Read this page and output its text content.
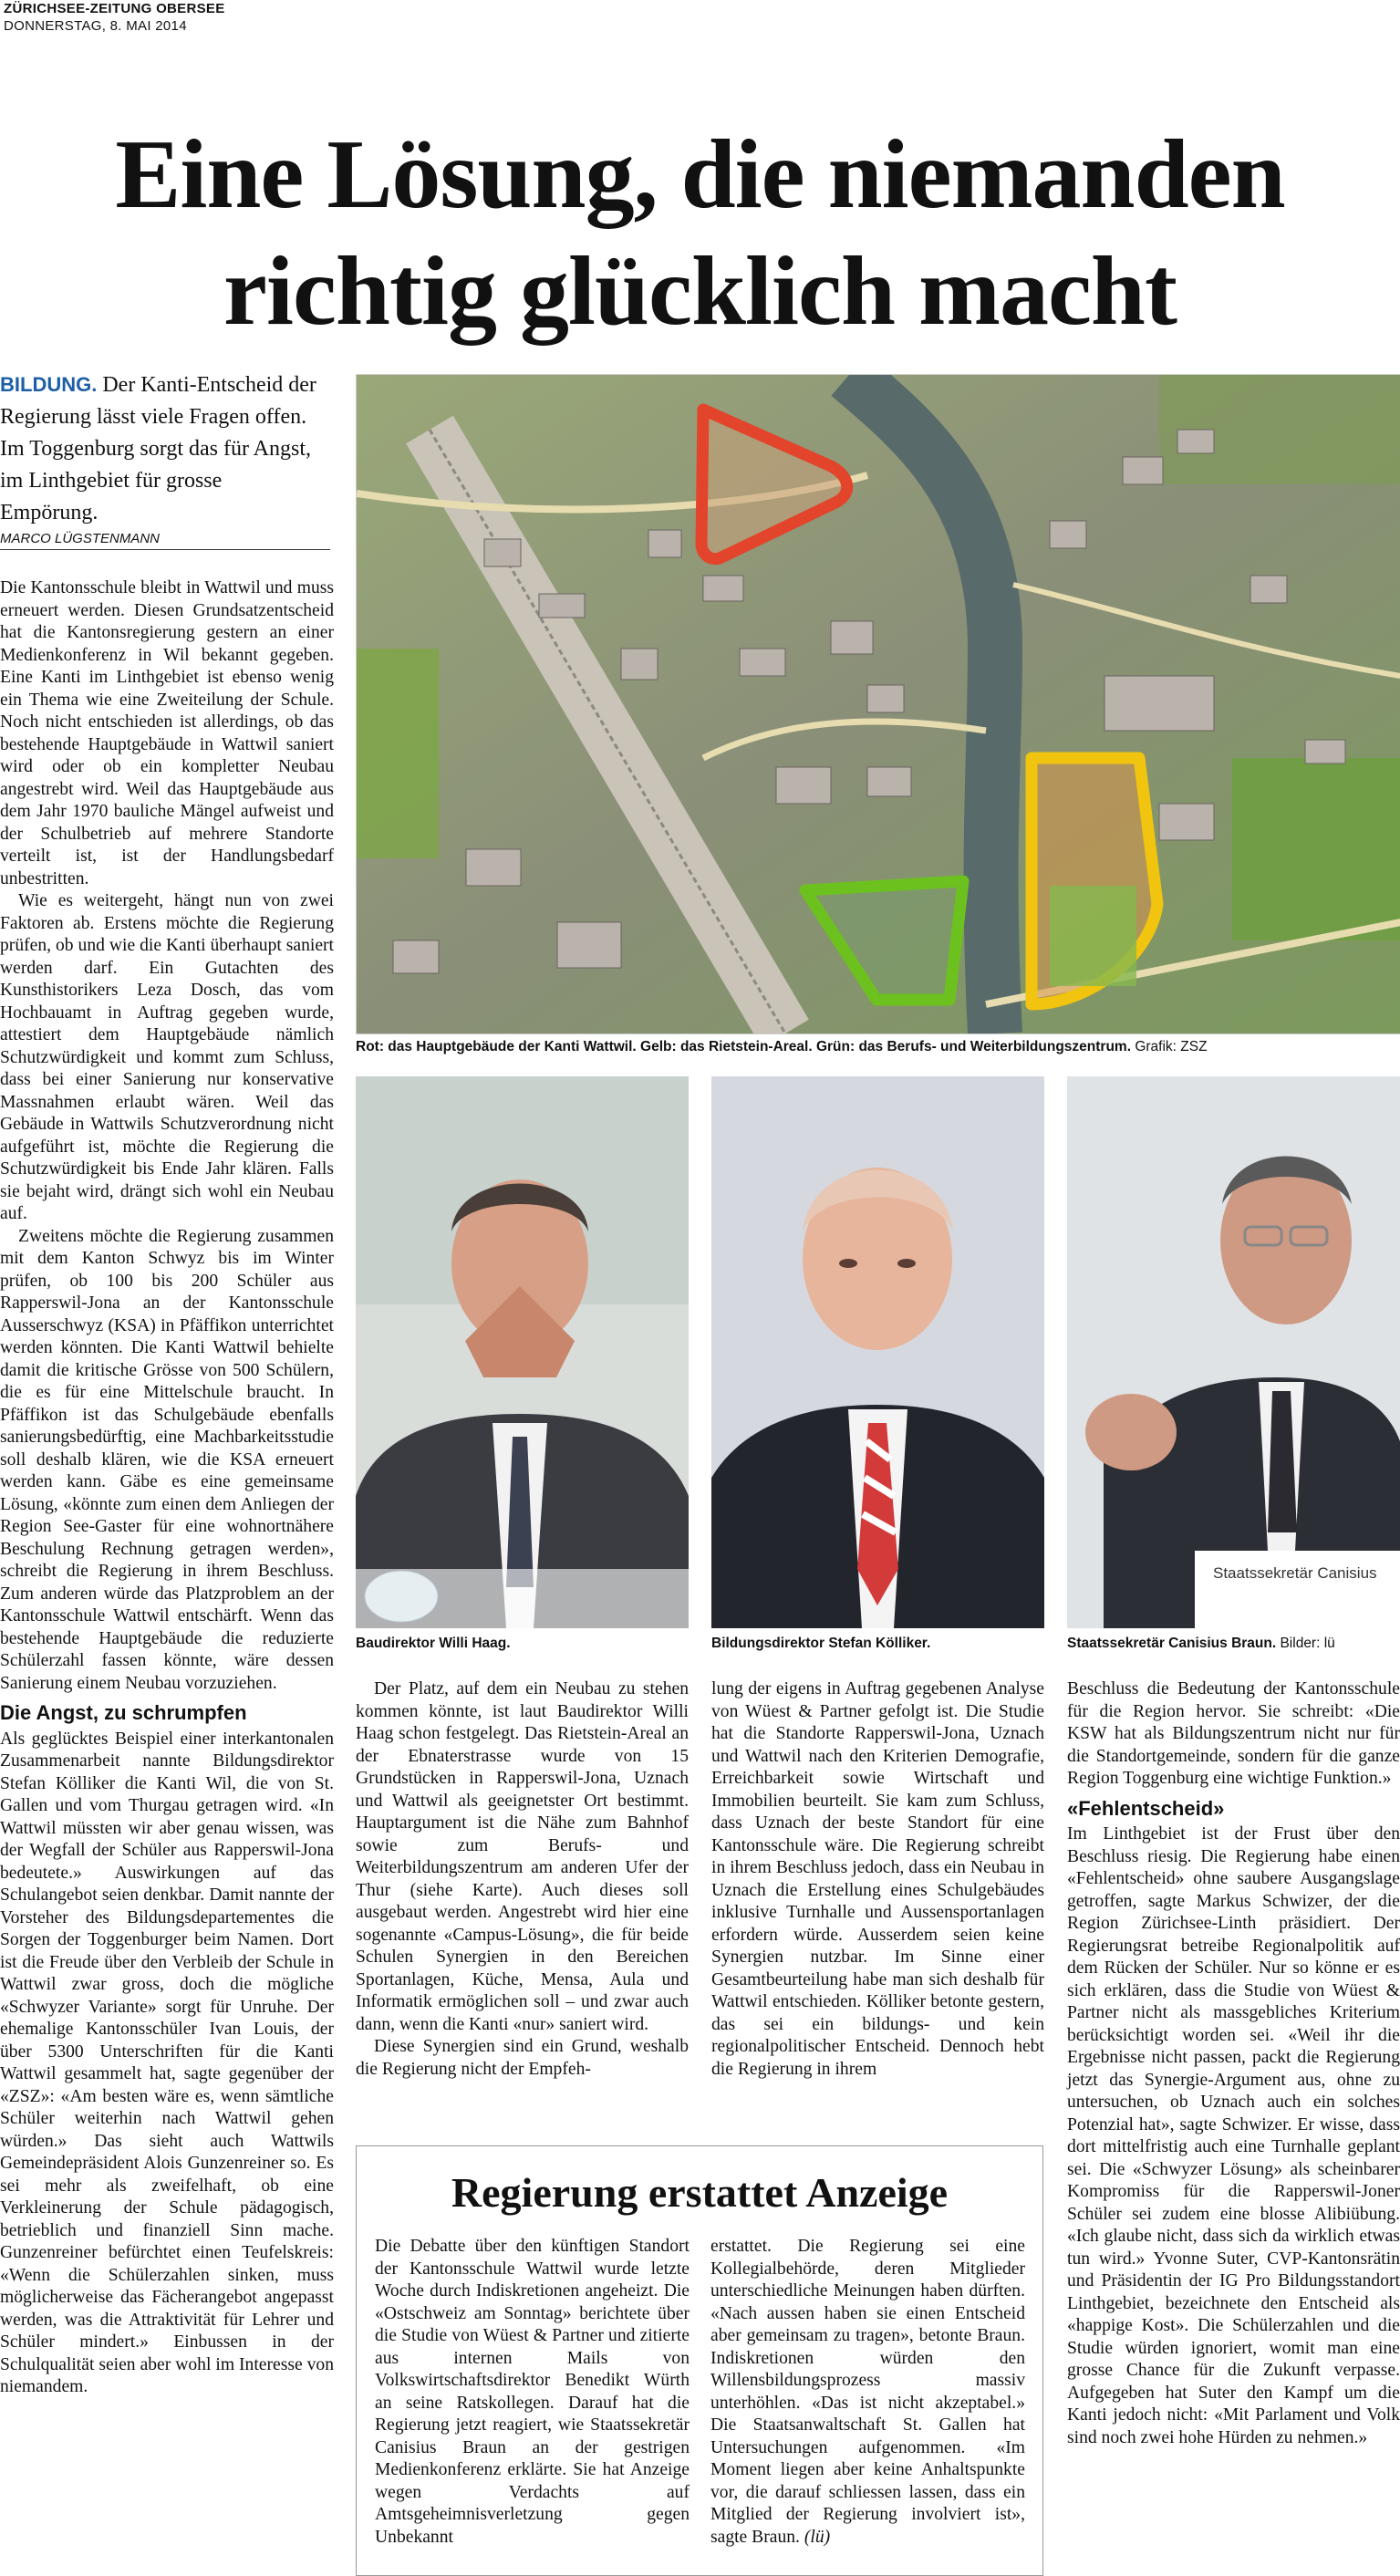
ZÜRICHSEE-ZEITUNG OBERSEE
DONNERSTAG, 8. MAI 2014
Eine Lösung, die niemanden
richtig glücklich macht
BILDUNG. Der Kanti-Entscheid der Regierung lässt viele Fragen offen. Im Toggenburg sorgt das für Angst, im Linthgebiet für grosse Empörung.
MARCO LÜGSTENMANN

Die Kantonsschule bleibt in Wattwil und muss erneuert werden. Diesen Grundsatzentscheid hat die Kantonsregierung gestern an einer Medienkonferenz in Wil bekannt gegeben. Eine Kanti im Linthgebiet ist ebenso wenig ein Thema wie eine Zweiteilung der Schule. Noch nicht entschieden ist allerdings, ob das bestehende Hauptgebäude in Wattwil saniert wird oder ob ein kompletter Neubau angestrebt wird. Weil das Hauptgebäude aus dem Jahr 1970 bauliche Mängel aufweist und der Schulbetrieb auf mehrere Standorte verteilt ist, ist der Handlungsbedarf unbestritten.

Wie es weitergeht, hängt nun von zwei Faktoren ab. Erstens möchte die Regierung prüfen, ob und wie die Kanti überhaupt saniert werden darf. Ein Gutachten des Kunsthistorikers Leza Dosch, das vom Hochbauamt in Auftrag gegeben wurde, attestiert dem Hauptgebäude nämlich Schutzwürdigkeit und kommt zum Schluss, dass bei einer Sanierung nur konservative Massnahmen erlaubt wären. Weil das Gebäude in Wattwils Schutzverordnung nicht aufgeführt ist, möchte die Regierung die Schutzwürdigkeit bis Ende Jahr klären. Falls sie bejaht wird, drängt sich wohl ein Neubau auf.

Zweitens möchte die Regierung zusammen mit dem Kanton Schwyz bis im Winter prüfen, ob 100 bis 200 Schüler aus Rapperswil-Jona an der Kantonsschule Ausserschwyz (KSA) in Pfäffikon unterrichtet werden könnten. Die Kanti Wattwil behielte damit die kritische Grösse von 500 Schülern, die es für eine Mittelschule braucht. In Pfäffikon ist das Schulgebäude ebenfalls sanierungsbedürftig, eine Machbarkeitsstudie soll deshalb klären, wie die KSA erneuert werden kann. Gäbe es eine gemeinsame Lösung, «könnte zum einen dem Anliegen der Region See-Gaster für eine wohnortnähere Beschulung Rechnung getragen werden», schreibt die Regierung in ihrem Beschluss. Zum anderen würde das Platzproblem an der Kantonsschule Wattwil entschärft. Wenn das bestehende Hauptgebäude die reduzierte Schülerzahl fassen könnte, wäre dessen Sanierung einem Neubau vorzuziehen.

Die Angst, zu schrumpfen

Als geglücktes Beispiel einer interkantonalen Zusammenarbeit nannte Bildungsdirektor Stefan Kölliker die Kanti Wil, die von St. Gallen und vom Thurgau getragen wird. «In Wattwil müssten wir aber genau wissen, was der Wegfall der Schüler aus Rapperswil-Jona bedeutete.» Auswirkungen auf das Schulangebot seien denkbar. Damit nannte der Vorsteher des Bildungsdepartementes die Sorgen der Toggenburger beim Namen. Dort ist die Freude über den Verbleib der Schule in Wattwil zwar gross, doch die mögliche «Schwyzer Variante» sorgt für Unruhe. Der ehemalige Kantonsschüler Ivan Louis, der über 5300 Unterschriften für die Kanti Wattwil gesammelt hat, sagte gegenüber der «ZSZ»: «Am besten wäre es, wenn sämtliche Schüler weiterhin nach Wattwil gehen würden.» Das sieht auch Wattwils Gemeindepräsident Alois Gunzenreiner so. Es sei mehr als zweifelhaft, ob eine Verkleinerung der Schule pädagogisch, betrieblich und finanziell Sinn mache. Gunzenreiner befürchtet einen Teufelskreis: «Wenn die Schülerzahlen sinken, muss möglicherweise das Fächerangebot angepasst werden, was die Attraktivität für Lehrer und Schüler mindert.» Einbussen in der Schulqualität seien aber wohl im Interesse von niemandem.

Rot: das Hauptgebäude der Kanti Wattwil. Gelb: das Rietstein-Areal. Grün: das Berufs- und Weiterbildungszentrum. Grafik: ZSZ
Baudirektor Willi Haag.	Bildungsdirektor Stefan Kölliker.
Staatssekretär Canisius
Staatssekretär Canisius Braun. Bilder: lü

Der Platz, auf dem ein Neubau zu stehen kommen könnte, ist laut Baudirektor Willi Haag schon festgelegt. Das Rietstein-Areal an der Ebnaterstrasse wurde von 15 Grundstücken in Rapperswil-Jona, Uznach und Wattwil als geeignetster Ort bestimmt. Hauptargument ist die Nähe zum Bahnhof sowie zum Berufs- und Weiterbildungszentrum am anderen Ufer der Thur (siehe Karte). Auch dieses soll ausgebaut werden. Angestrebt wird hier eine sogenannte «Campus-Lösung», die für beide Schulen Synergien in den Bereichen Sportanlagen, Küche, Mensa, Aula und Informatik ermöglichen soll – und zwar auch dann, wenn die Kanti «nur» saniert wird.

Diese Synergien sind ein Grund, weshalb die Regierung nicht der Empfeh-

lung der eigens in Auftrag gegebenen Analyse von Wüest & Partner gefolgt ist. Die Studie hat die Standorte Rapperswil-Jona, Uznach und Wattwil nach den Kriterien Demografie, Erreichbarkeit sowie Wirtschaft und Immobilien beurteilt. Sie kam zum Schluss, dass Uznach der beste Standort für eine Kantonsschule wäre. Die Regierung schreibt in ihrem Beschluss jedoch, dass ein Neubau in Uznach die Erstellung eines Schulgebäudes inklusive Turnhalle und Aussensportanlagen erfordern würde. Ausserdem seien keine Synergien nutzbar. Im Sinne einer Gesamtbeurteilung habe man sich deshalb für Wattwil entschieden. Kölliker betonte gestern, das sei ein bildungs- und kein regionalpolitischer Entscheid. Dennoch hebt die Regierung in ihrem

Beschluss die Bedeutung der Kantonsschule für die Region hervor. Sie schreibt: «Die KSW hat als Bildungszentrum nicht nur für die Standortgemeinde, sondern für die ganze Region Toggenburg eine wichtige Funktion.»

«Fehlentscheid»

Im Linthgebiet ist der Frust über den Beschluss riesig. Die Regierung habe einen «Fehlentscheid» ohne saubere Ausgangslage getroffen, sagte Markus Schwizer, der die Region Zürichsee-Linth präsidiert. Der Regierungsrat betreibe Regionalpolitik auf dem Rücken der Schüler. Nur so könne er es sich erklären, dass die Studie von Wüest & Partner nicht als massgebliches Kriterium berücksichtigt worden sei. «Weil ihr die Ergebnisse nicht passen, packt die Regierung jetzt das Synergie-Argument aus, ohne zu untersuchen, ob Uznach auch ein solches Potenzial hat», sagte Schwizer. Er wisse, dass dort mittelfristig auch eine Turnhalle geplant sei. Die «Schwyzer Lösung» als scheinbarer Kompromiss für die Rapperswil-Joner Schüler sei zudem eine blosse Alibiübung. «Ich glaube nicht, dass sich da wirklich etwas tun wird.» Yvonne Suter, CVP-Kantonsrätin und Präsidentin der IG Pro Bildungsstandort Linthgebiet, bezeichnete den Entscheid als «happige Kost». Die Schülerzahlen und die Studie würden ignoriert, womit man eine grosse Chance für die Zukunft verpasse. Aufgegeben hat Suter den Kampf um die Kanti jedoch nicht: «Mit Parlament und Volk sind noch zwei hohe Hürden zu nehmen.»

Regierung erstattet Anzeige

Die Debatte über den künftigen Standort der Kantonsschule Wattwil wurde letzte Woche durch Indiskretionen angeheizt. Die «Ostschweiz am Sonntag» berichtete über die Studie von Wüest & Partner und zitierte aus internen Mails von Volkswirtschaftsdirektor Benedikt Würth an seine Ratskollegen. Darauf hat die Regierung jetzt reagiert, wie Staatssekretär Canisius Braun an der gestrigen Medienkonferenz erklärte. Sie hat Anzeige wegen Verdachts auf Amtsgeheimnisverletzung gegen Unbekannt

erstattet. Die Regierung sei eine Kollegialbehörde, deren Mitglieder unterschiedliche Meinungen haben dürften. «Nach aussen haben sie einen Entscheid aber gemeinsam zu tragen», betonte Braun. Indiskretionen würden den Willensbildungsprozess massiv unterhöhlen. «Das ist nicht akzeptabel.» Die Staatsanwaltschaft St. Gallen hat Untersuchungen aufgenommen. «Im Moment liegen aber keine Anhaltspunkte vor, die darauf schliessen lassen, dass ein Mitglied der Regierung involviert ist», sagte Braun. (lü)
